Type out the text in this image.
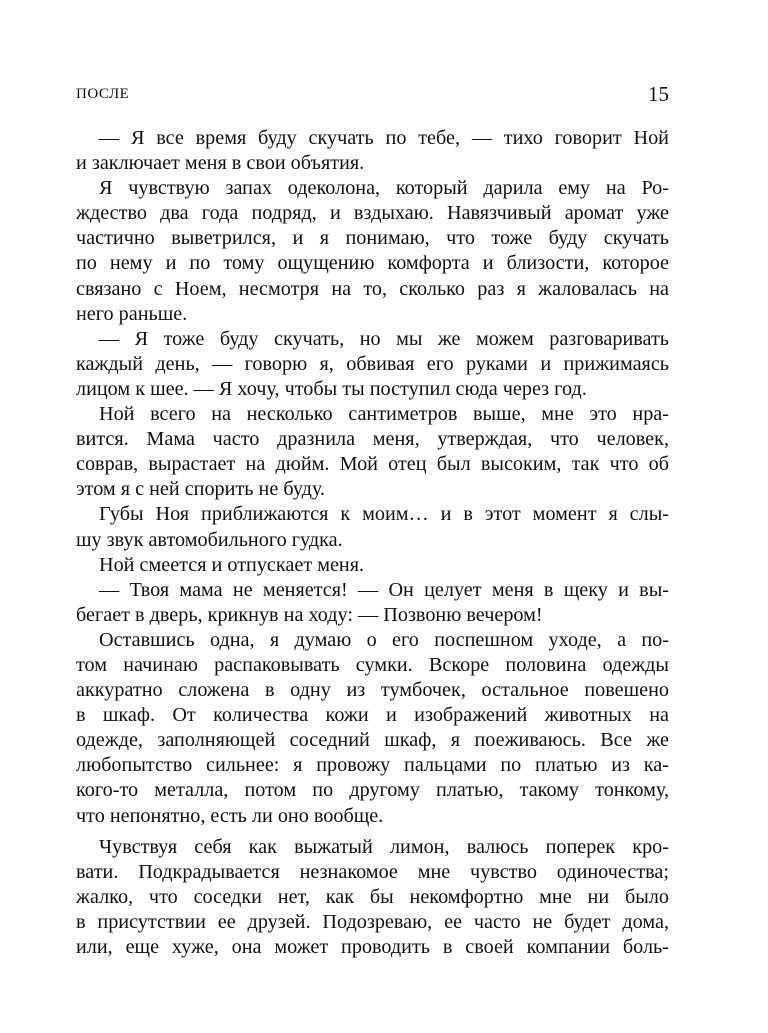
ПОСЛЕ	15
— Я все время буду скучать по тебе, — тихо говорит Ной
и заключает меня в свои объятия.
Я чувствую запах одеколона, который дарила ему на Ро-
ждество два года подряд, и вздыхаю. Навязчивый аромат уже
частично выветрился, и я понимаю, что тоже буду скучать
по нему и по тому ощущению комфорта и близости, которое
связано с Ноем, несмотря на то, сколько раз я жаловалась на
него раньше.
— Я тоже буду скучать, но мы же можем разговаривать
каждый день, — говорю я, обвивая его руками и прижимаясь
лицом к шее. — Я хочу, чтобы ты поступил сюда через год.
Ной всего на несколько сантиметров выше, мне это нра-
вится. Мама часто дразнила меня, утверждая, что человек,
соврав, вырастает на дюйм. Мой отец был высоким, так что об
этом я с ней спорить не буду.
Губы Ноя приближаются к моим… и в этот момент я слы-
шу звук автомобильного гудка.
Ной смеется и отпускает меня.
— Твоя мама не меняется! — Он целует меня в щеку и вы-
бегает в дверь, крикнув на ходу: — Позвоню вечером!
Оставшись одна, я думаю о его поспешном уходе, а по-
том начинаю распаковывать сумки. Вскоре половина одежды
аккуратно сложена в одну из тумбочек, остальное повешено
в шкаф. От количества кожи и изображений животных на
одежде, заполняющей соседний шкаф, я поеживаюсь. Все же
любопытство сильнее: я провожу пальцами по платью из ка-
кого-то металла, потом по другому платью, такому тонкому,
что непонятно, есть ли оно вообще.
Чувствуя себя как выжатый лимон, валюсь поперек кро-
вати. Подкрадывается незнакомое мне чувство одиночества;
жалко, что соседки нет, как бы некомфортно мне ни было
в присутствии ее друзей. Подозреваю, ее часто не будет дома,
или, еще хуже, она может проводить в своей компании боль-
